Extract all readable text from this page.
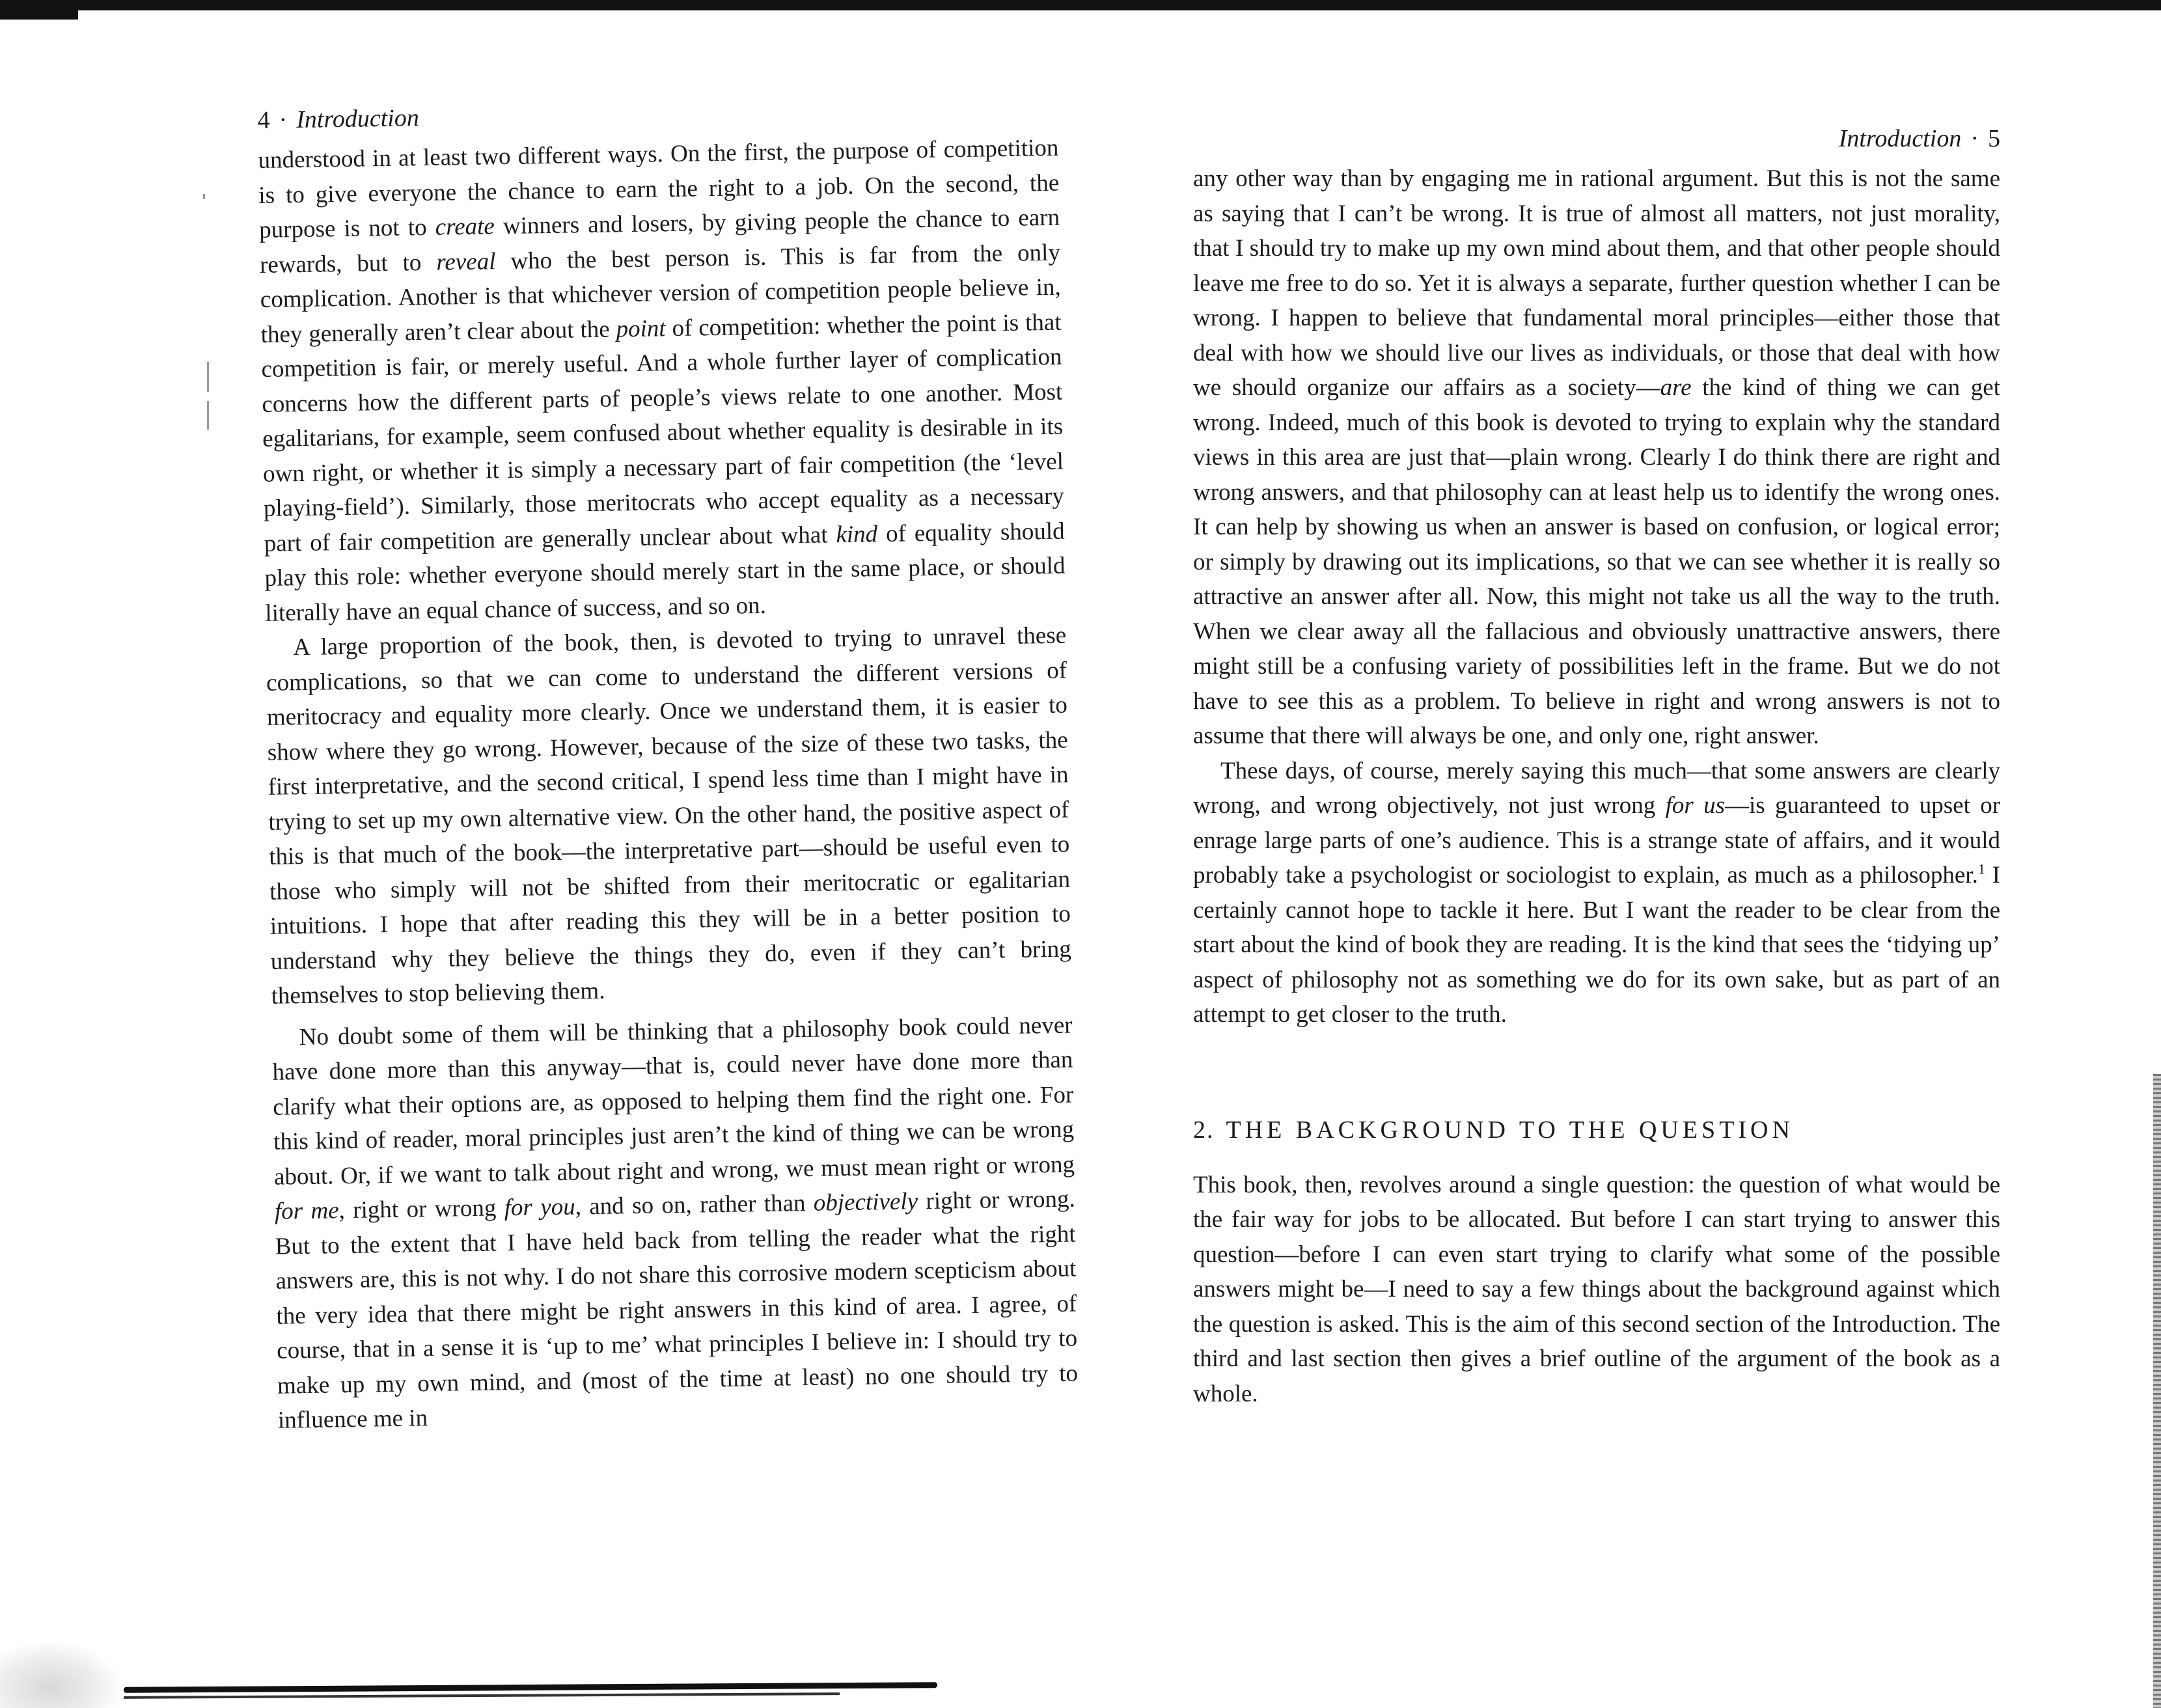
4 · Introduction

understood in at least two different ways. On the first, the purpose of competition is to give everyone the chance to earn the right to a job. On the second, the purpose is not to create winners and losers, by giving people the chance to earn rewards, but to reveal who the best person is. This is far from the only complication. Another is that whichever version of competition people believe in, they generally aren’t clear about the point of competition: whether the point is that competition is fair, or merely useful. And a whole further layer of complication concerns how the different parts of people’s views relate to one another. Most egalitarians, for example, seem confused about whether equality is desirable in its own right, or whether it is simply a necessary part of fair competition (the ‘level playing-field’). Similarly, those meritocrats who accept equality as a necessary part of fair competition are generally unclear about what kind of equality should play this role: whether everyone should merely start in the same place, or should literally have an equal chance of success, and so on.

A large proportion of the book, then, is devoted to trying to unravel these complications, so that we can come to understand the different versions of meritocracy and equality more clearly. Once we understand them, it is easier to show where they go wrong. However, because of the size of these two tasks, the first interpretative, and the second critical, I spend less time than I might have in trying to set up my own alternative view. On the other hand, the positive aspect of this is that much of the book—the interpretative part—should be useful even to those who simply will not be shifted from their meritocratic or egalitarian intuitions. I hope that after reading this they will be in a better position to understand why they believe the things they do, even if they can’t bring themselves to stop believing them.

No doubt some of them will be thinking that a philosophy book could never have done more than this anyway—that is, could never have done more than clarify what their options are, as opposed to helping them find the right one. For this kind of reader, moral principles just aren’t the kind of thing we can be wrong about. Or, if we want to talk about right and wrong, we must mean right or wrong for me, right or wrong for you, and so on, rather than objectively right or wrong. But to the extent that I have held back from telling the reader what the right answers are, this is not why. I do not share this corrosive modern scepticism about the very idea that there might be right answers in this kind of area. I agree, of course, that in a sense it is ‘up to me’ what principles I believe in: I should try to make up my own mind, and (most of the time at least) no one should try to influence me in

Introduction · 5

any other way than by engaging me in rational argument. But this is not the same as saying that I can’t be wrong. It is true of almost all matters, not just morality, that I should try to make up my own mind about them, and that other people should leave me free to do so. Yet it is always a separate, further question whether I can be wrong. I happen to believe that fundamental moral principles—either those that deal with how we should live our lives as individuals, or those that deal with how we should organize our affairs as a society—are the kind of thing we can get wrong. Indeed, much of this book is devoted to trying to explain why the standard views in this area are just that—plain wrong. Clearly I do think there are right and wrong answers, and that philosophy can at least help us to identify the wrong ones. It can help by showing us when an answer is based on confusion, or logical error; or simply by drawing out its implications, so that we can see whether it is really so attractive an answer after all. Now, this might not take us all the way to the truth. When we clear away all the fallacious and obviously unattractive answers, there might still be a confusing variety of possibilities left in the frame. But we do not have to see this as a problem. To believe in right and wrong answers is not to assume that there will always be one, and only one, right answer.

These days, of course, merely saying this much—that some answers are clearly wrong, and wrong objectively, not just wrong for us—is guaranteed to upset or enrage large parts of one’s audience. This is a strange state of affairs, and it would probably take a psychologist or sociologist to explain, as much as a philosopher.$^1$ I certainly cannot hope to tackle it here. But I want the reader to be clear from the start about the kind of book they are reading. It is the kind that sees the ‘tidying up’ aspect of philosophy not as something we do for its own sake, but as part of an attempt to get closer to the truth.

2. THE BACKGROUND TO THE QUESTION

This book, then, revolves around a single question: the question of what would be the fair way for jobs to be allocated. But before I can start trying to answer this question—before I can even start trying to clarify what some of the possible answers might be—I need to say a few things about the background against which the question is asked. This is the aim of this second section of the Introduction. The third and last section then gives a brief outline of the argument of the book as a whole.
